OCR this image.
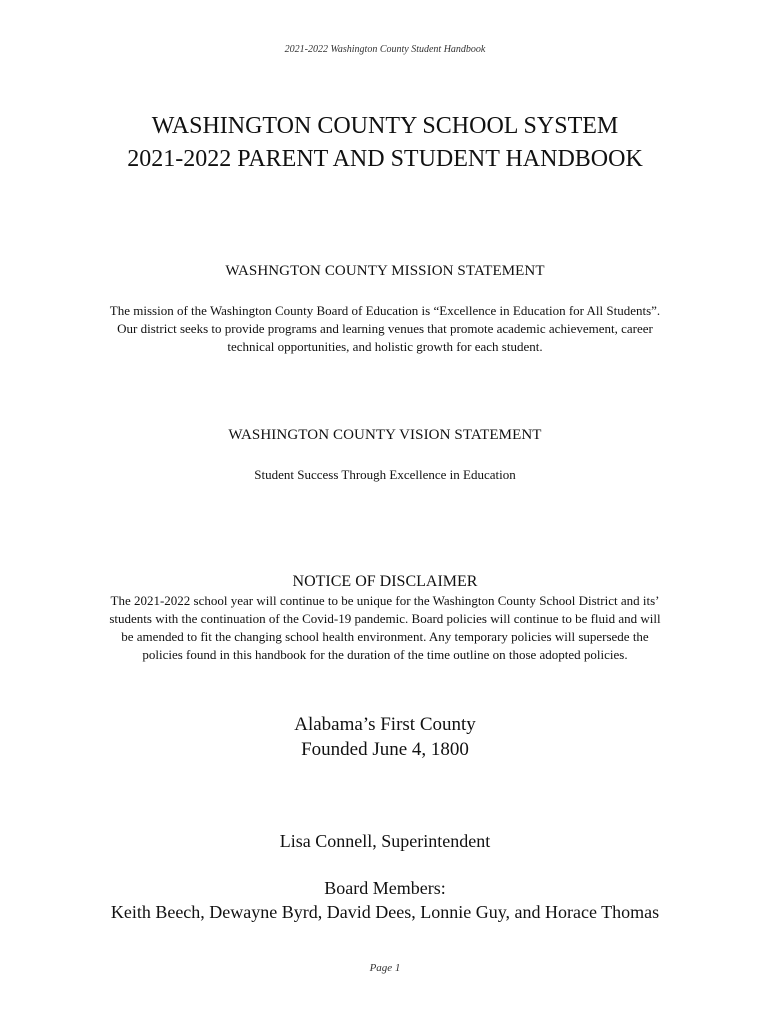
2021-2022 Washington County Student Handbook
WASHINGTON COUNTY SCHOOL SYSTEM
2021-2022 PARENT AND STUDENT HANDBOOK
WASHNGTON COUNTY MISSION STATEMENT
The mission of the Washington County Board of Education is “Excellence in Education for All Students”.
Our district seeks to provide programs and learning venues that promote academic achievement, career
technical opportunities, and holistic growth for each student.
WASHINGTON COUNTY VISION STATEMENT
Student Success Through Excellence in Education
NOTICE OF DISCLAIMER
The 2021-2022 school year will continue to be unique for the Washington County School District and its’
students with the continuation of the Covid-19 pandemic. Board policies will continue to be fluid and will
be amended to fit the changing school health environment. Any temporary policies will supersede the
policies found in this handbook for the duration of the time outline on those adopted policies.
Alabama’s First County
Founded June 4, 1800
Lisa Connell, Superintendent
Board Members:
Keith Beech, Dewayne Byrd, David Dees, Lonnie Guy, and Horace Thomas
Page 1
